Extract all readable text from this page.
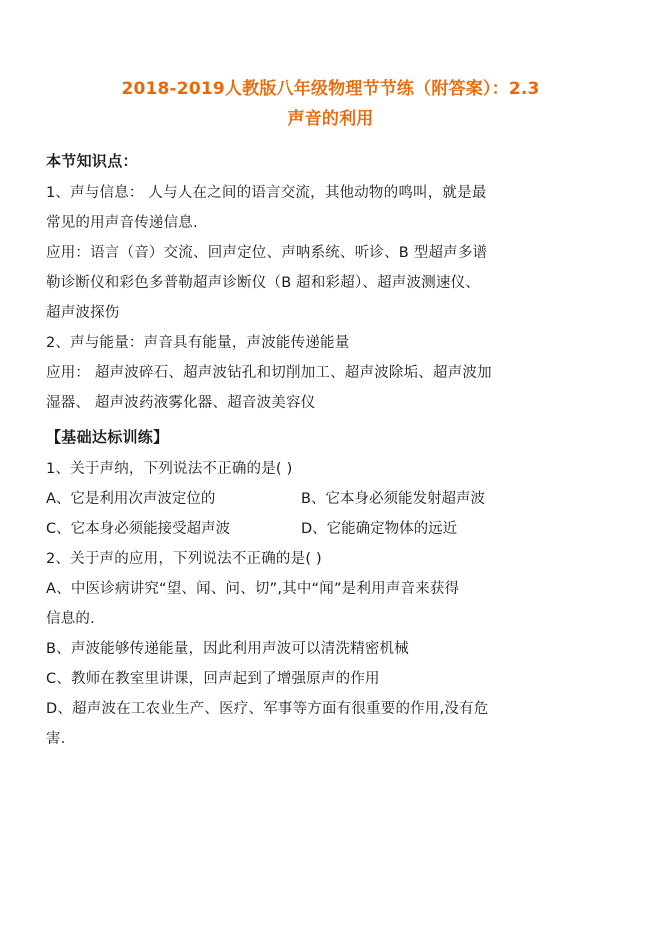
2018-2019人教版八年级物理节节练（附答案）：2.3
声音的利用
本节知识点：

1、声与信息： 人与人在之间的语言交流，其他动物的鸣叫，就是最

常见的用声音传递信息.

应用：语言（音）交流、回声定位、声呐系统、听诊、B 型超声多谱

勒诊断仪和彩色多普勒超声诊断仪（B 超和彩超）、超声波测速仪、

超声波探伤

2、声与能量：声音具有能量，声波能传递能量

应用： 超声波碎石、超声波钻孔和切削加工、超声波除垢、超声波加

湿器、 超声波药液雾化器、超音波美容仪

【基础达标训练】

1、关于声纳，下列说法不正确的是( )

A、它是利用次声波定位的	B、它本身必须能发射超声波
C、它本身必须能接受超声波	D、它能确定物体的远近

2、关于声的应用，下列说法不正确的是( )

A、中医诊病讲究“望、闻、问、切”,其中“闻”是利用声音来获得

信息的.

B、声波能够传递能量，因此利用声波可以清洗精密机械

C、教师在教室里讲课，回声起到了增强原声的作用

D、超声波在工农业生产、医疗、军事等方面有很重要的作用,没有危

害.
